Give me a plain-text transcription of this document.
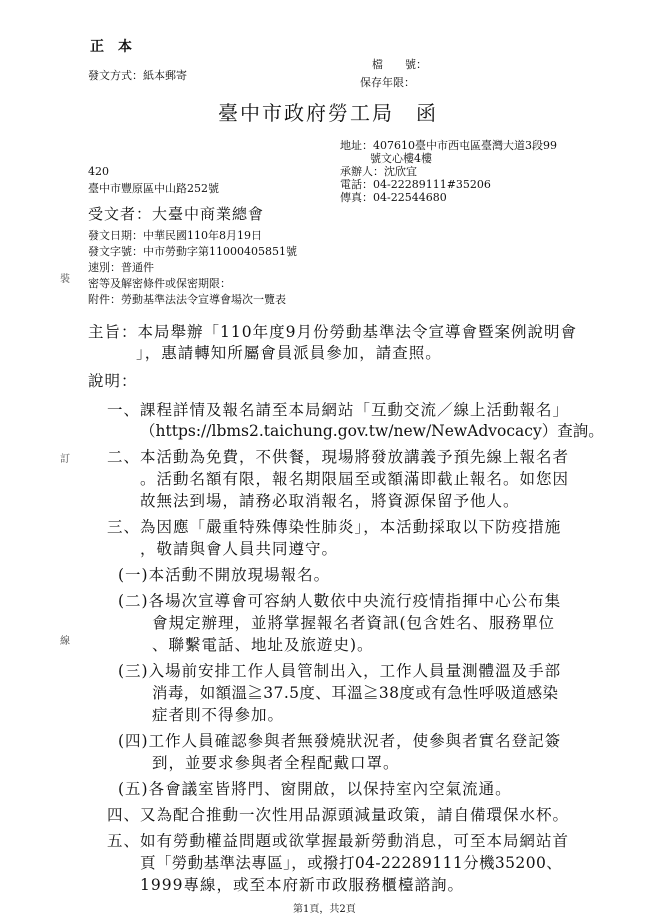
正　本
發文方式：紙本郵寄
檔　　號：
保存年限：
臺中市政府勞工局　函
地址：407610臺中市西屯區臺灣大道3段99
號文心樓4樓
承辦人：沈欣宜
電話：04-22289111#35206
傳真：04-22544680
420
臺中市豐原區中山路252號
受文者：大臺中商業總會
發文日期：中華民國110年8月19日
發文字號：中市勞動字第11000405851號
速別：普通件
密等及解密條件或保密期限：
附件：勞動基準法法令宣導會場次一覽表
裝
訂
線
主旨：本局舉辦「110年度9月份勞動基準法令宣導會暨案例說明會
」，惠請轉知所屬會員派員參加，請查照。
說明：
一、課程詳情及報名請至本局網站「互動交流／線上活動報名」
（https://lbms2.taichung.gov.tw/new/NewAdvocacy）查詢。
二、本活動為免費，不供餐，現場將發放講義予預先線上報名者
。活動名額有限，報名期限屆至或額滿即截止報名。如您因
故無法到場，請務必取消報名，將資源保留予他人。
三、為因應「嚴重特殊傳染性肺炎」，本活動採取以下防疫措施
，敬請與會人員共同遵守。
(一)本活動不開放現場報名。
(二)各場次宣導會可容納人數依中央流行疫情指揮中心公布集
會規定辦理，並將掌握報名者資訊(包含姓名、服務單位
、聯繫電話、地址及旅遊史)。
(三)入場前安排工作人員管制出入，工作人員量測體溫及手部
消毒，如額溫≧37.5度、耳溫≧38度或有急性呼吸道感染
症者則不得參加。
(四)工作人員確認參與者無發燒狀況者，使參與者實名登記簽
到，並要求參與者全程配戴口罩。
(五)各會議室皆將門、窗開啟，以保持室內空氣流通。
四、又為配合推動一次性用品源頭減量政策，請自備環保水杯。
五、如有勞動權益問題或欲掌握最新勞動消息，可至本局網站首
頁「勞動基準法專區」，或撥打04-22289111分機35200、
1999專線，或至本府新市政服務櫃檯諮詢。
第1頁，共2頁
